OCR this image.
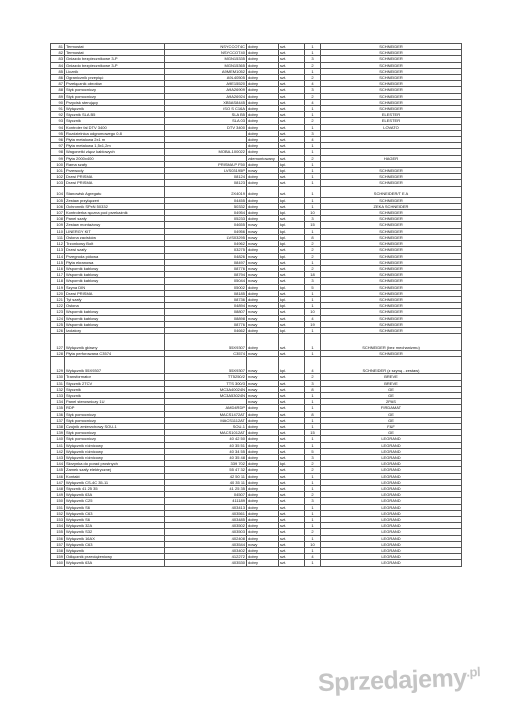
81	Termostat	NSYCCOT4C	dobry	szt.	1	SCHNEIDER
82	Termostat	NSYCCOT40	dobry	szt.	1	SCHNEIDER
83	Gniazdo bezpiecznikowe 3-P	MGN15335	dobry	szt.	3	SCHNEIDER
84	Gniazdo bezpiecznikowe 3-P	MGN15365	dobry	szt.	2	SCHNEIDER
85	Licznik	A9MEM1052	dobry	szt.	1	SCHNEIDER
86	Ogranicznik przepięć	A9L40505	dobry	szt.	2	SCHNEIDER
87	Przełącznik obrotów	A9E15520	dobry	szt.	4	SCHNEIDER
88	Styk pomocniczy	A9A26909	dobry	szt.	3	SCHNEIDER
89	Styk pomocniczy	A9A26924	dobry	szt.	2	SCHNEIDER
90	Przycisk sterujący	XB5AS8445	dobry	szt.	4	SCHNEIDER
91	Wyłącznik	iSO S C16A	dobry	szt.	1	SCHNEIDER
92	Stycznik SLA B5	SLA B5	dobry	szt.	1	ELESTER
93	Stycznik	SLA 03	dobry	szt.	2	ELESTER
94	Kontroler fal DTV 3400	DTV 3400	dobry	szt.	1	LOVATO
95	Rozdzielnica odgromowego 0.8		dobry	szt.	3	
96	Płyta metalowa 2x1 m		dobry	szt.	4	
97	Płyta metalowa 1,5x1,2m		dobry	szt.	1	
98	Wagonetki złącz kablowych	MOBA-100022	dobry	szt.	1	
99	Płyta 2000x400		zdemontowany	szt.	2	HAGER
100	Rama szafy	PRISMA P F50	dobry	kpl.	1	
101	Przewody	LVS03195P	nowy	kpl.	1	SCHNEIDER
102	Drzwi PRISMA	08124	dobry	szt.	1	SCHNEIDER
103	Drzwi PRISMA	08123	dobry	szt.	1	SCHNEIDER
104	Stanowisk Agregatu	2X4019	dobry	szt.	1	SCHNEIDER/T E A
105	Zestaw przyłączeń	04455	dobry	kpl.	1	SCHNEIDER
106	Ochronnik SPxN 50332	50332	dobry	szt.	1	ZEKA SCHNEIDER
107	Kontrolerka ręczna pod przekaźnik	04954	dobry	kpl.	10	SCHNEIDER
108	Panel szafy	05233	dobry	szt.	3	SCHNEIDER
109	Zestaw montażowy	04655	nowy	kpl.	15	SCHNEIDER
110	LINERGY KIT	04956	nowy	kpl.	1	SCHNEIDER
111	Osłona zacisków	LVS03295	nowy	kpl.	8	SCHNEIDER
112	Trzonkowy Bolt	04962	nowy	kpl.	2	SCHNEIDER
113	Drzwi szafy	03275	dobry	szt.	2	SCHNEIDER
114	Przegroda półowa	04826	nowy	kpl.	2	SCHNEIDER
115	Płyta ekranowa	08497	nowy	szt.	1	SCHNEIDER
116	Wspornik kablowy	08776	nowy	szt.	2	SCHNEIDER
117	Wspornik kablowy	08794	nowy	szt.	18	SCHNEIDER
118	Wspornik kablowy	05044	nowy	szt.	3	SCHNEIDER
119	Szyna DIN	05002	dobry	kpl.	5	SCHNEIDER
120	Drzwi PRISMA	08185	dobry	szt.	1	SCHNEIDER
121	Tył szafy	08736	dobry	kpl.	1	SCHNEIDER
122	Osłona	04894	nowy	kpl.	1	SCHNEIDER
123	Wspornik kablowy	08807	nowy	szt.	10	SCHNEIDER
124	Wspornik kablowy	08898	nowy	szt.	4	SCHNEIDER
125	Wspornik kablowy	08776	nowy	szt.	19	SCHNEIDER
126	Izolatory	04662	dobry	kpl.	1	SCHNEIDER
127	Wyłącznik główny	55X9307	dobry	szt.	1	SCHNEIDER (bez mechanizmu)
128	Płyta perforowana C3574	C3574	nowy	szt.	1	SCHNEIDER
129	Wyłącznik 55X9307	55X9307	nowy	kpl.	4	SCHNEIDER (z szyną - zestaw)
130	Transformator	TT5250/2	nowy	szt.	2	BREVE
131	Stycznik 2TCV	TTS 300/3	nowy	szt.	3	BREVE
132	Stycznik	MC3A40024N	nowy	szt.	8	GE
133	Stycznik	MC3A53024N	nowy	szt.	1	GE
134	Panel sterowniczy 1U		nowy	szt.	1	2PAS
135	RDP	AMD4RDP	dobry	szt.	1	FIRDAMAT
136	Styk pomocniczy	MACS1472AT	dobry	szt.	8	GE
137	Styk pomocniczy	MACS1112AT	dobry	szt.	1	GE
138	Czujnik zmierzchowy SOU-1	SOU-1	dobry	szt.	1	F&F
139	Styk pomocniczy	MACS1012AT	dobry	szt.	15	GE
140	Styk pomocniczy	40 42 50	dobry	szt.	1	LEGRAND
141	Wyłącznik różnicowy	40 35 51	dobry	szt.	1	LEGRAND
142	Wyłącznik różnicowy	40 34 55	dobry	szt.	5	LEGRAND
143	Wyłącznik różnicowy	40 35 48	dobry	szt.	3	LEGRAND
144	Skrzynka do porad prostnych	339 702	dobry	kpl.	2	LEGRAND
145	Zamek szafy elektrycznej	55 47 32	dobry	szt.	2	LEGRAND
146	Kontakt	42 50 11	dobry	szt.	1	LEGRAND
147	Wyłącznik CS-4C 35-11	40 35 11	dobry	szt.	1	LEGRAND
148	Stycznik 41 25 35	41 25 35	dobry	szt.	1	LEGRAND
149	Wyłącznik 63A	04507	dobry	szt.	2	LEGRAND
150	Wyłącznik C25	411189	dobry	szt.	3	LEGRAND
151	Wyłącznik S6	403413	dobry	szt.	1	LEGRAND
152	Wyłącznik C63	403561	dobry	szt.	1	LEGRAND
153	Wyłącznik S6	403485	dobry	szt.	1	LEGRAND
154	Wyłącznik 32A	403502	dobry	szt.	1	LEGRAND
155	Wyłącznik S32	403503	dobry	szt.	2	LEGRAND
156	Wyłącznik 16AX	402408	dobry	szt.	1	LEGRAND
157	Wyłącznik C63	403544	nowy	szt.	10	LEGRAND
158	Wyłącznik	403402	dobry	szt.	1	LEGRAND
159	Odłącznik przeciążeniowy	412272	dobry	szt.	4	LEGRAND
160	Wyłącznik 63A	403530	dobry	szt.	1	LEGRAND
Sprzedajemy$^{.pl}$
